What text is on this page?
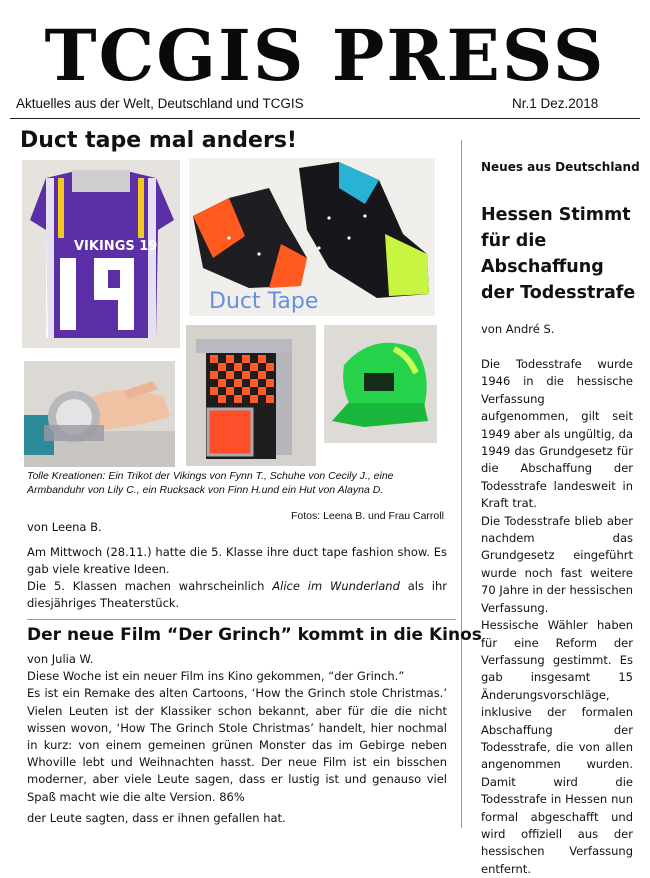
TCGIS PRESS
Aktuelles aus der Welt, Deutschland und TCGIS	Nr.1 Dez.2018
Duct tape mal anders!
VIKINGS 19
Duct Tape
Tolle Kreationen: Ein Trikot der Vikings von Fynn T., Schuhe von Cecily J., eine Armbanduhr von Lily C., ein Rucksack von Finn H.und ein Hut von Alayna D.
Fotos: Leena B. und Frau Carroll
von Leena B.
Am Mittwoch (28.11.) hatte die 5. Klasse ihre duct tape fashion show. Es gab viele kreative Ideen.
Die 5. Klassen machen wahrscheinlich Alice im Wunderland als ihr diesjähriges Theaterstück.
Der neue Film “Der Grinch” kommt in die Kinos

von Julia W.

Diese Woche ist ein neuer Film ins Kino gekommen, “der Grinch.”

Es ist ein Remake des alten Cartoons, ‘How the Grinch stole Christmas.’ Vielen Leuten ist der Klassiker schon bekannt, aber für die die nicht wissen wovon, ‘How The Grinch Stole Christmas’ handelt, hier nochmal in kurz: von einem gemeinen grünen Monster das im Gebirge neben Whoville lebt und Weihnachten hasst. Der neue Film ist ein bisschen moderner, aber viele Leute sagen, dass er lustig ist und genauso viel Spaß macht wie die alte Version. 86%

der Leute sagten, dass er ihnen gefallen hat.

Neues aus Deutschland
Hessen Stimmt für die Abschaffung der Todesstrafe
von André S.

Die Todesstrafe wurde 1946 in die hessische Verfassung aufgenommen, gilt seit 1949 aber als ungültig, da 1949 das Grundgesetz für die Abschaffung der Todesstrafe landesweit in Kraft trat.

Die Todesstrafe blieb aber nachdem das Grundgesetz eingeführt wurde noch fast weitere 70 Jahre in der hessischen Verfassung.

Hessische Wähler haben für eine Reform der Verfassung gestimmt. Es gab insgesamt 15 Änderungsvorschläge, inklusive der formalen Abschaffung der Todesstrafe, die von allen angenommen wurden. Damit wird die Todesstrafe in Hessen nun formal abgeschafft und wird offiziell aus der hessischen Verfassung entfernt.
